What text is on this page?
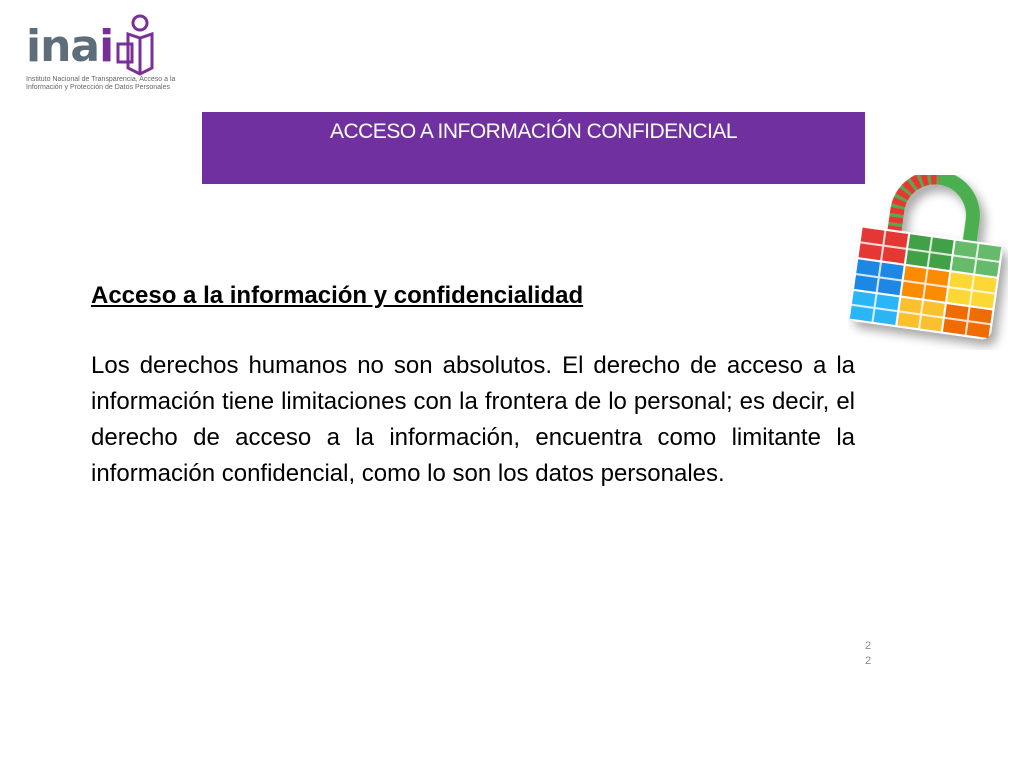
inai
Instituto Nacional de Transparencia, Acceso a la Información y Protección de Datos Personales
ACCESO A INFORMACIÓN CONFIDENCIAL

Acceso a la información y confidencialidad

Los derechos humanos no son absolutos. El derecho de acceso a la información tiene limitaciones con la frontera de lo personal; es decir, el derecho de acceso a la información, encuentra como limitante la información confidencial, como lo son los datos personales.

2
2
